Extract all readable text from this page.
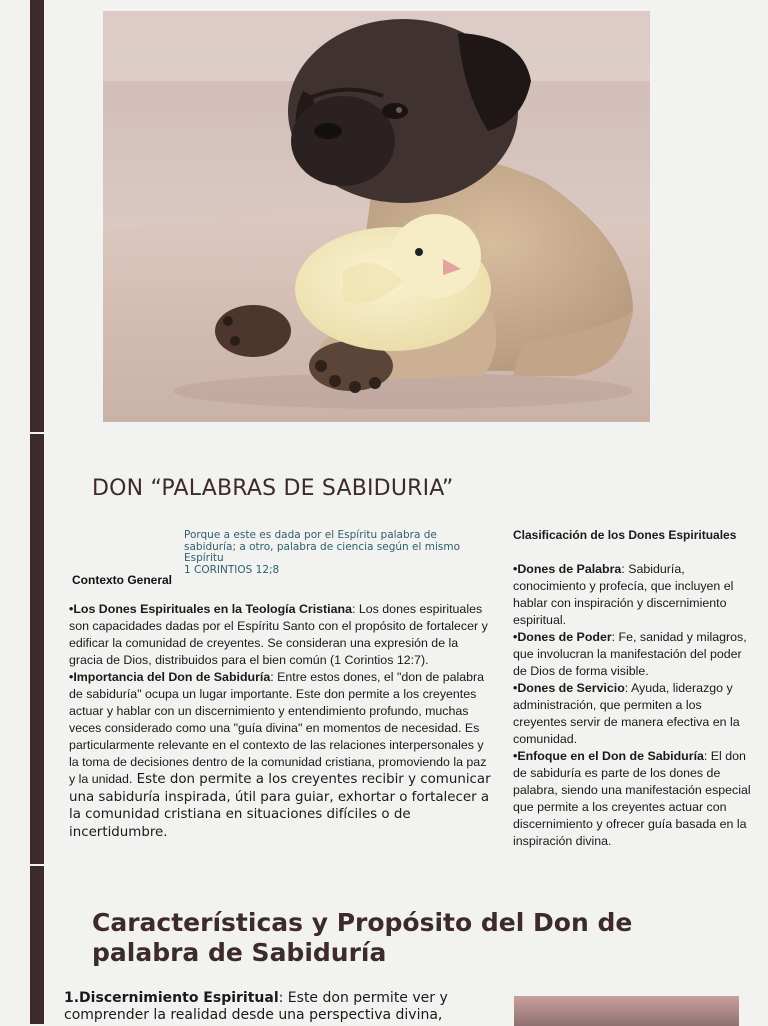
DON “PALABRAS DE SABIDURIA”
Porque a este es dada por el Espíritu palabra de sabiduría; a otro, palabra de ciencia según el mismo Espíritu
1 CORINTIOS 12;8
Contexto General

•Los Dones Espirituales en la Teología Cristiana: Los dones espirituales son capacidades dadas por el Espíritu Santo con el propósito de fortalecer y edificar la comunidad de creyentes. Se consideran una expresión de la gracia de Dios, distribuidos para el bien común (1 Corintios 12:7).

•Importancia del Don de Sabiduría: Entre estos dones, el "don de palabra de sabiduría" ocupa un lugar importante. Este don permite a los creyentes actuar y hablar con un discernimiento y entendimiento profundo, muchas veces considerado como una "guía divina" en momentos de necesidad. Es particularmente relevante en el contexto de las relaciones interpersonales y la toma de decisiones dentro de la comunidad cristiana, promoviendo la paz y la unidad. Este don permite a los creyentes recibir y comunicar una sabiduría inspirada, útil para guiar, exhortar o fortalecer a la comunidad cristiana en situaciones difíciles o de incertidumbre.

Clasificación de los Dones Espirituales

•Dones de Palabra: Sabiduría, conocimiento y profecía, que incluyen el hablar con inspiración y discernimiento espiritual.

•Dones de Poder: Fe, sanidad y milagros, que involucran la manifestación del poder de Dios de forma visible.

•Dones de Servicio: Ayuda, liderazgo y administración, que permiten a los creyentes servir de manera efectiva en la comunidad.

•Enfoque en el Don de Sabiduría: El don de sabiduría es parte de los dones de palabra, siendo una manifestación especial que permite a los creyentes actuar con discernimiento y ofrecer guía basada en la inspiración divina.

Características y Propósito del Don de palabra de Sabiduría

1.Discernimiento Espiritual: Este don permite ver y comprender la realidad desde una perspectiva divina,
